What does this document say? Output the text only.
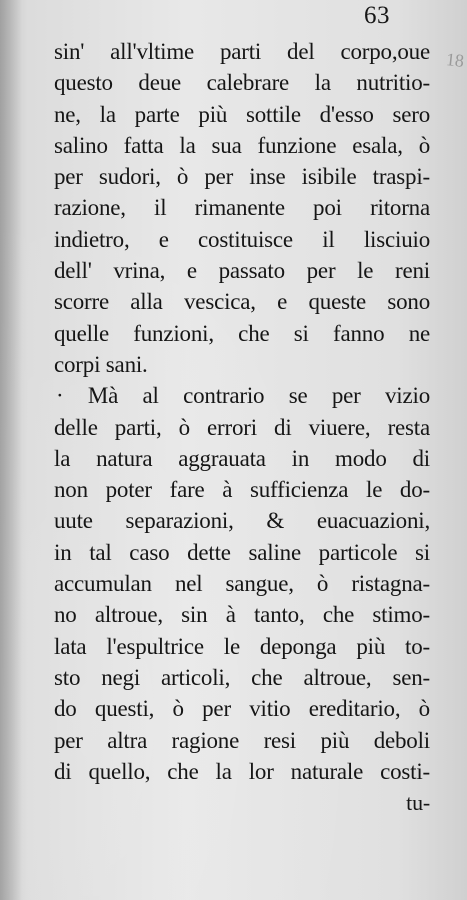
63
18
sin' all'vltime parti del corpo,oue
questo deue calebrare la nutritio-
ne, la parte più sottile d'esso sero
salino fatta la sua funzione esala, ò
per sudori, ò per inse isibile traspi-
razione, il rimanente poi ritorna
indietro, e costituisce il lisciuio
dell' vrina, e passato per le reni
scorre alla vescica, e queste sono
quelle funzioni, che si fanno ne
corpi sani.
· Mà al contrario se per vizio
delle parti, ò errori di viuere, resta
la natura aggrauata in modo di
non poter fare à sufficienza le do-
uute separazioni, & euacuazioni,
in tal caso dette saline particole si
accumulan nel sangue, ò ristagna-
no altroue, sin à tanto, che stimo-
lata l'espultrice le deponga più to-
sto negi articoli, che altroue, sen-
do questi, ò per vitio ereditario, ò
per altra ragione resi più deboli
di quello, che la lor naturale costi-
tu-
